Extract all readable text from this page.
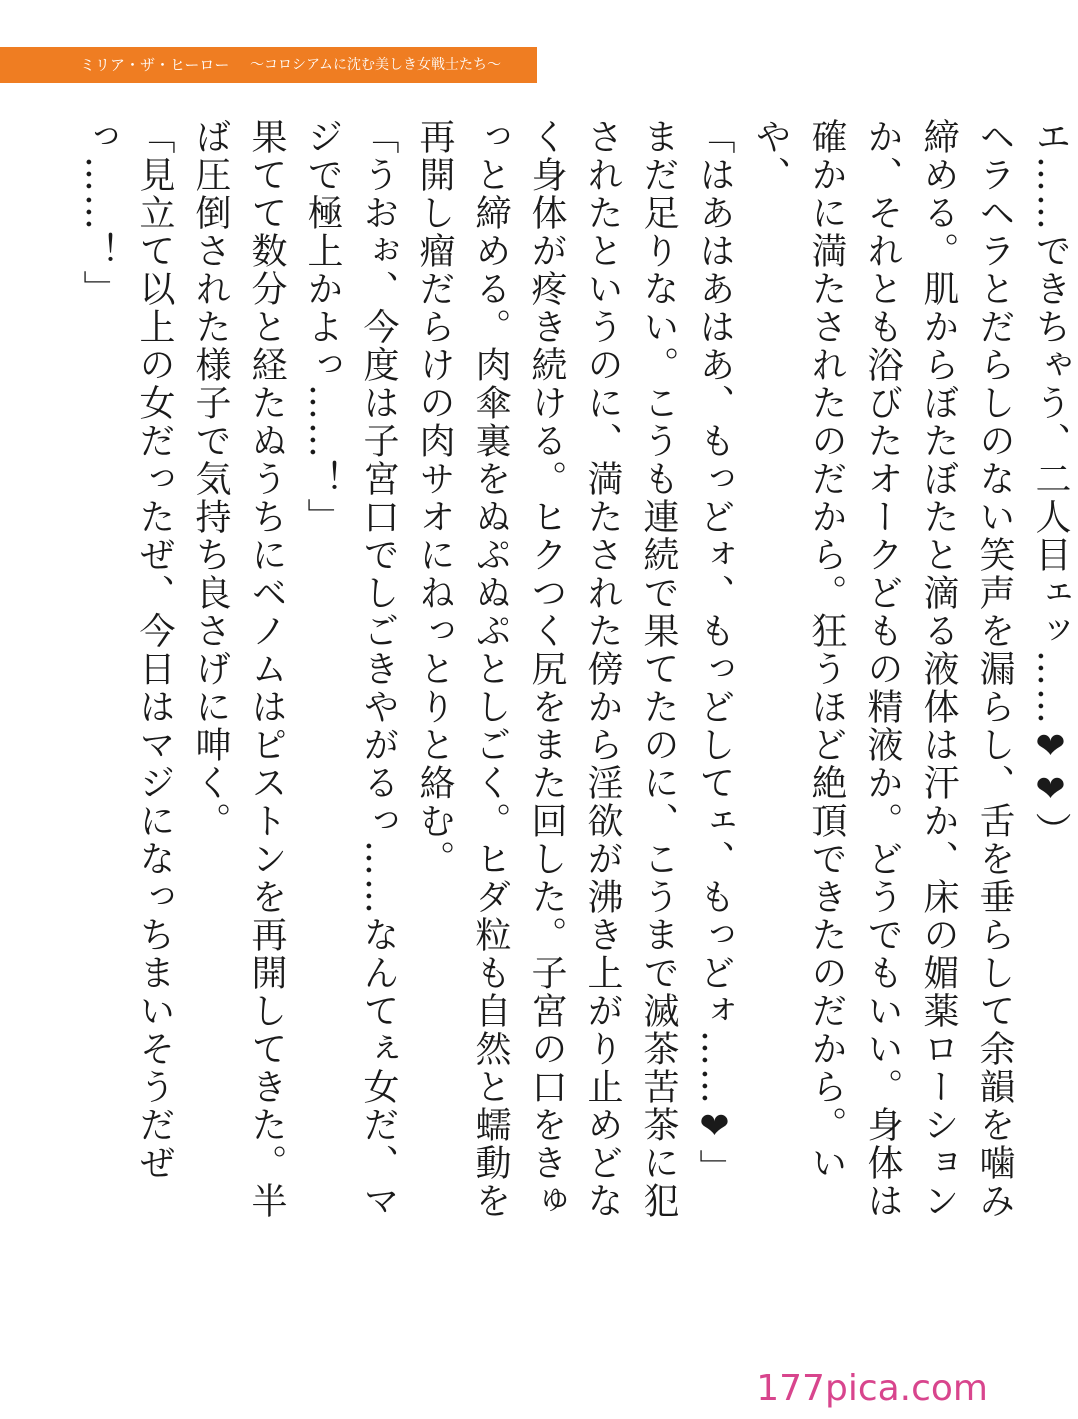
ミリア・ザ・ヒーロー 〜コロシアムに沈む美しき女戦士たち〜

エ……できちゃう、二人目ェッ……❤❤）

ヘラヘラとだらしのない笑声を漏らし、舌を垂らして余韻を噛み締める。肌からぼたぼたと滴る液体は汗か、床の媚薬ローションか、それとも浴びたオークどもの精液か。どうでもいい。身体は確かに満たされたのだから。狂うほど絶頂できたのだから。いや、

「はあはあはあ、もっどォ、もっどしてェ、もっどォ……❤」

まだ足りない。こうも連続で果てたのに、こうまで滅茶苦茶に犯されたというのに、満たされた傍から淫欲が沸き上がり止めどなく身体が疼き続ける。ヒクつく尻をまた回した。子宮の口をきゅっと締める。肉傘裏をぬぷぬぷとしごく。ヒダ粒も自然と蠕動を再開し瘤だらけの肉サオにねっとりと絡む。

「うおぉ、今度は子宮口でしごきやがるっ……なんてぇ女だ、マジで極上かよっ……！」

果てて数分と経たぬうちにベノムはピストンを再開してきた。半ば圧倒された様子で気持ち良さげに呻く。

「見立て以上の女だったぜ、今日はマジになっちまいそうだぜっ……！」

177pica.com
